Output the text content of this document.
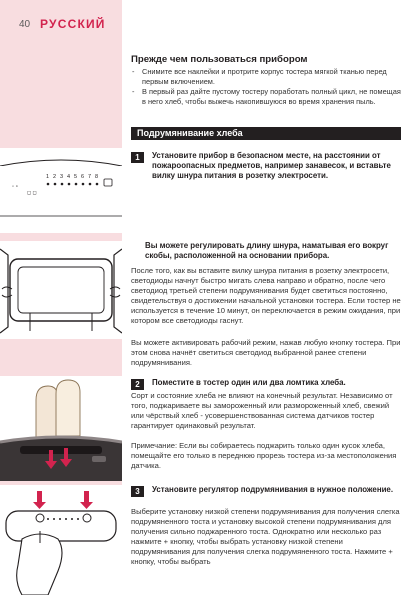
40 РУССКИЙ
◦ ▫
1 2 3 4 5 6 7 8
◻ ◻
Прежде чем пользоваться прибором
- Снимите все наклейки и протрите корпус тостера мягкой тканью перед первым включением.
- В первый раз дайте пустому тостеру поработать полный цикл, не помещая в него хлеб, чтобы выжечь накопившуюся во время хранения пыль.
Подрумянивание хлеба
1	Установите прибор в безопасном месте, на расстоянии от пожароопасных предметов, например занавесок, и вставьте вилку шнура питания в розетку электросети.
Вы можете регулировать длину шнура, наматывая его вокруг скобы, расположенной на основании прибора.
После того, как вы вставите вилку шнура питания в розетку электросети, светодиоды начнут быстро мигать слева направо и обратно, после чего светодиод третьей степени подрумянивания будет светиться постоянно, свидетельствуя о достижении начальной установки тостера. Если тостер не используется в течение 10 минут, он переключается в режим ожидания, при котором все светодиоды гаснут.
Вы можете активировать рабочий режим, нажав любую кнопку тостера. При этом снова начнёт светиться светодиод выбранной ранее степени подрумянивания.
2	Поместите в тостер один или два ломтика хлеба.
Сорт и состояние хлеба не влияют на конечный результат. Независимо от того, поджариваете вы замороженный или размороженный хлеб, свежий или чёрствый хлеб - усовершенствованная система датчиков тостер гарантирует одинаковый результат.
Примечание: Если вы собираетесь поджарить только один кусок хлеба, помещайте его только в переднюю прорезь тостера из-за местоположения датчика.
3	Установите регулятор подрумянивания в нужное положение.
Выберите установку низкой степени подрумянивания для получения слегка подрумяненного тоста и установку высокой степени подрумянивания для получения сильно поджаренного тоста. Однократно или несколько раз нажмите + кнопку, чтобы выбрать установку низкой степени подрумянивания для получения слегка подрумяненного тоста. Нажмите + кнопку, чтобы выбрать
